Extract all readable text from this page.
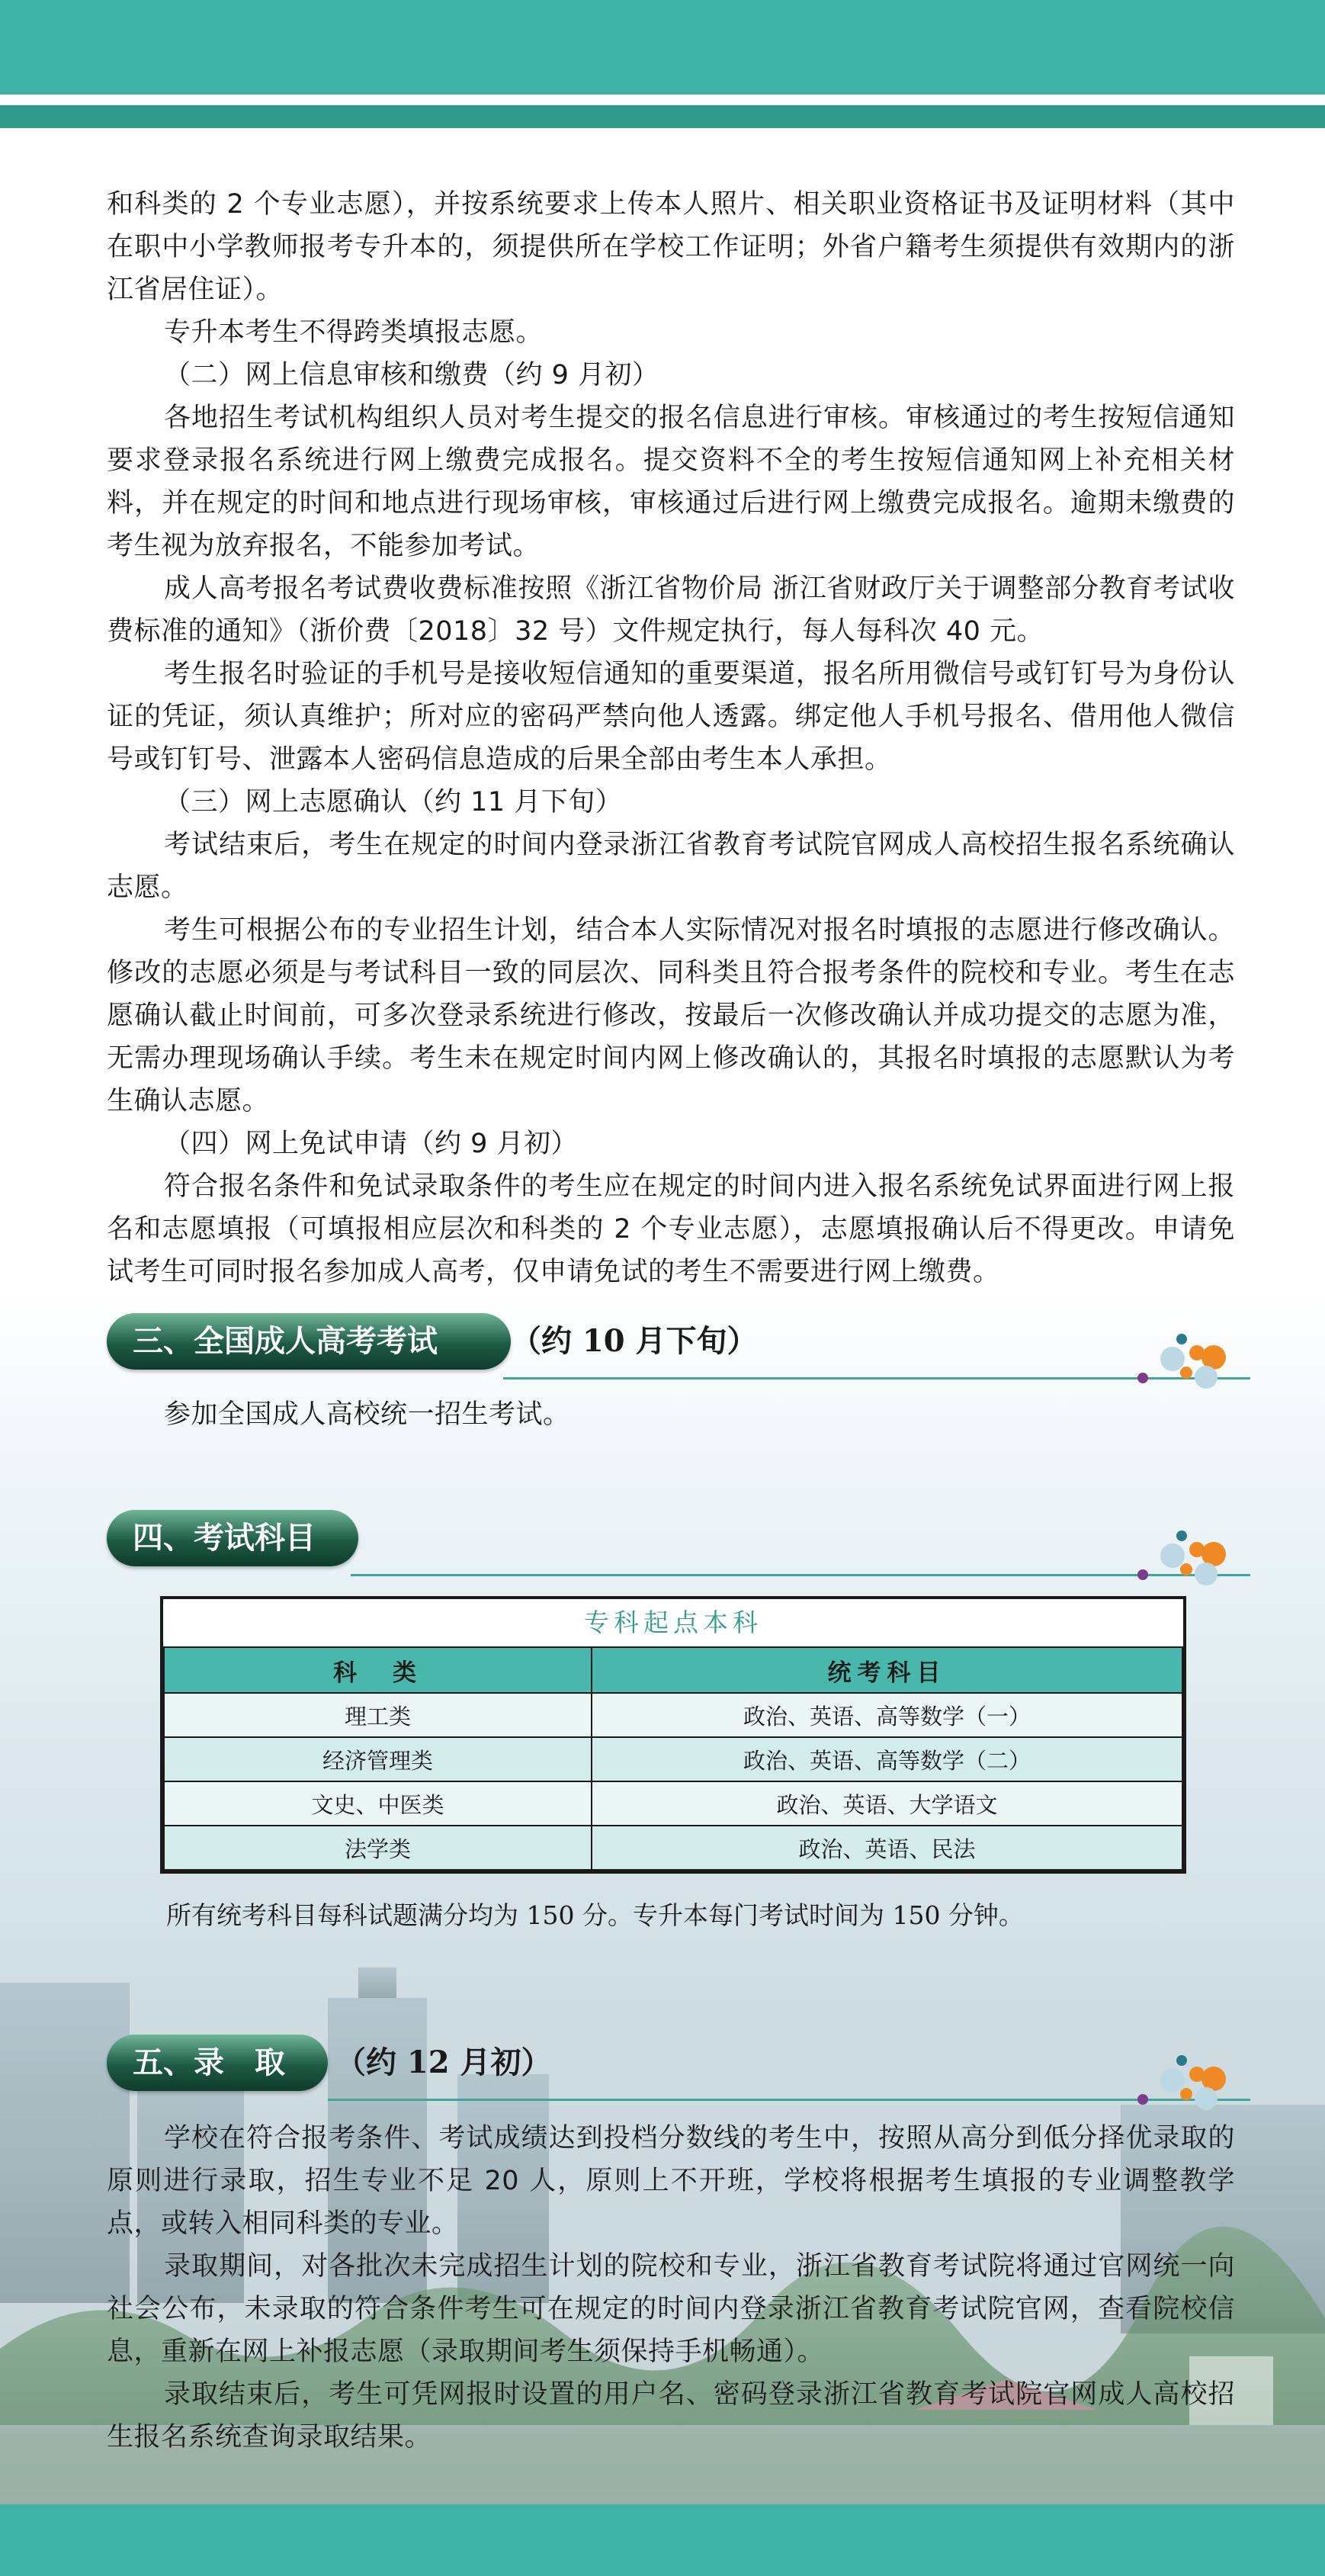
和科类的 2 个专业志愿），并按系统要求上传本人照片、相关职业资格证书及证明材料（其中在职中小学教师报考专升本的，须提供所在学校工作证明；外省户籍考生须提供有效期内的浙江省居住证）。

专升本考生不得跨类填报志愿。

（二）网上信息审核和缴费（约 9 月初）

各地招生考试机构组织人员对考生提交的报名信息进行审核。审核通过的考生按短信通知要求登录报名系统进行网上缴费完成报名。提交资料不全的考生按短信通知网上补充相关材料，并在规定的时间和地点进行现场审核，审核通过后进行网上缴费完成报名。逾期未缴费的考生视为放弃报名，不能参加考试。

成人高考报名考试费收费标准按照《浙江省物价局 浙江省财政厅关于调整部分教育考试收费标准的通知》（浙价费〔2018〕32 号）文件规定执行，每人每科次 40 元。

考生报名时验证的手机号是接收短信通知的重要渠道，报名所用微信号或钉钉号为身份认证的凭证，须认真维护；所对应的密码严禁向他人透露。绑定他人手机号报名、借用他人微信号或钉钉号、泄露本人密码信息造成的后果全部由考生本人承担。

（三）网上志愿确认（约 11 月下旬）

考试结束后，考生在规定的时间内登录浙江省教育考试院官网成人高校招生报名系统确认志愿。

考生可根据公布的专业招生计划，结合本人实际情况对报名时填报的志愿进行修改确认。修改的志愿必须是与考试科目一致的同层次、同科类且符合报考条件的院校和专业。考生在志愿确认截止时间前，可多次登录系统进行修改，按最后一次修改确认并成功提交的志愿为准，无需办理现场确认手续。考生未在规定时间内网上修改确认的，其报名时填报的志愿默认为考生确认志愿。

（四）网上免试申请（约 9 月初）

符合报名条件和免试录取条件的考生应在规定的时间内进入报名系统免试界面进行网上报名和志愿填报（可填报相应层次和科类的 2 个专业志愿），志愿填报确认后不得更改。申请免试考生可同时报名参加成人高考，仅申请免试的考生不需要进行网上缴费。

三、全国成人高考考试 （约 10 月下旬）

参加全国成人高校统一招生考试。

四、考试科目
专科起点本科
科　类	统考科目
理工类	政治、英语、高等数学（一）
经济管理类	政治、英语、高等数学（二）
文史、中医类	政治、英语、大学语文
法学类	政治、英语、民法
所有统考科目每科试题满分均为 150 分。专升本每门考试时间为 150 分钟。
五、录　取 （约 12 月初）

学校在符合报考条件、考试成绩达到投档分数线的考生中，按照从高分到低分择优录取的原则进行录取，招生专业不足 20 人，原则上不开班，学校将根据考生填报的专业调整教学点，或转入相同科类的专业。

录取期间，对各批次未完成招生计划的院校和专业，浙江省教育考试院将通过官网统一向社会公布，未录取的符合条件考生可在规定的时间内登录浙江省教育考试院官网，查看院校信息，重新在网上补报志愿（录取期间考生须保持手机畅通）。

录取结束后，考生可凭网报时设置的用户名、密码登录浙江省教育考试院官网成人高校招生报名系统查询录取结果。
